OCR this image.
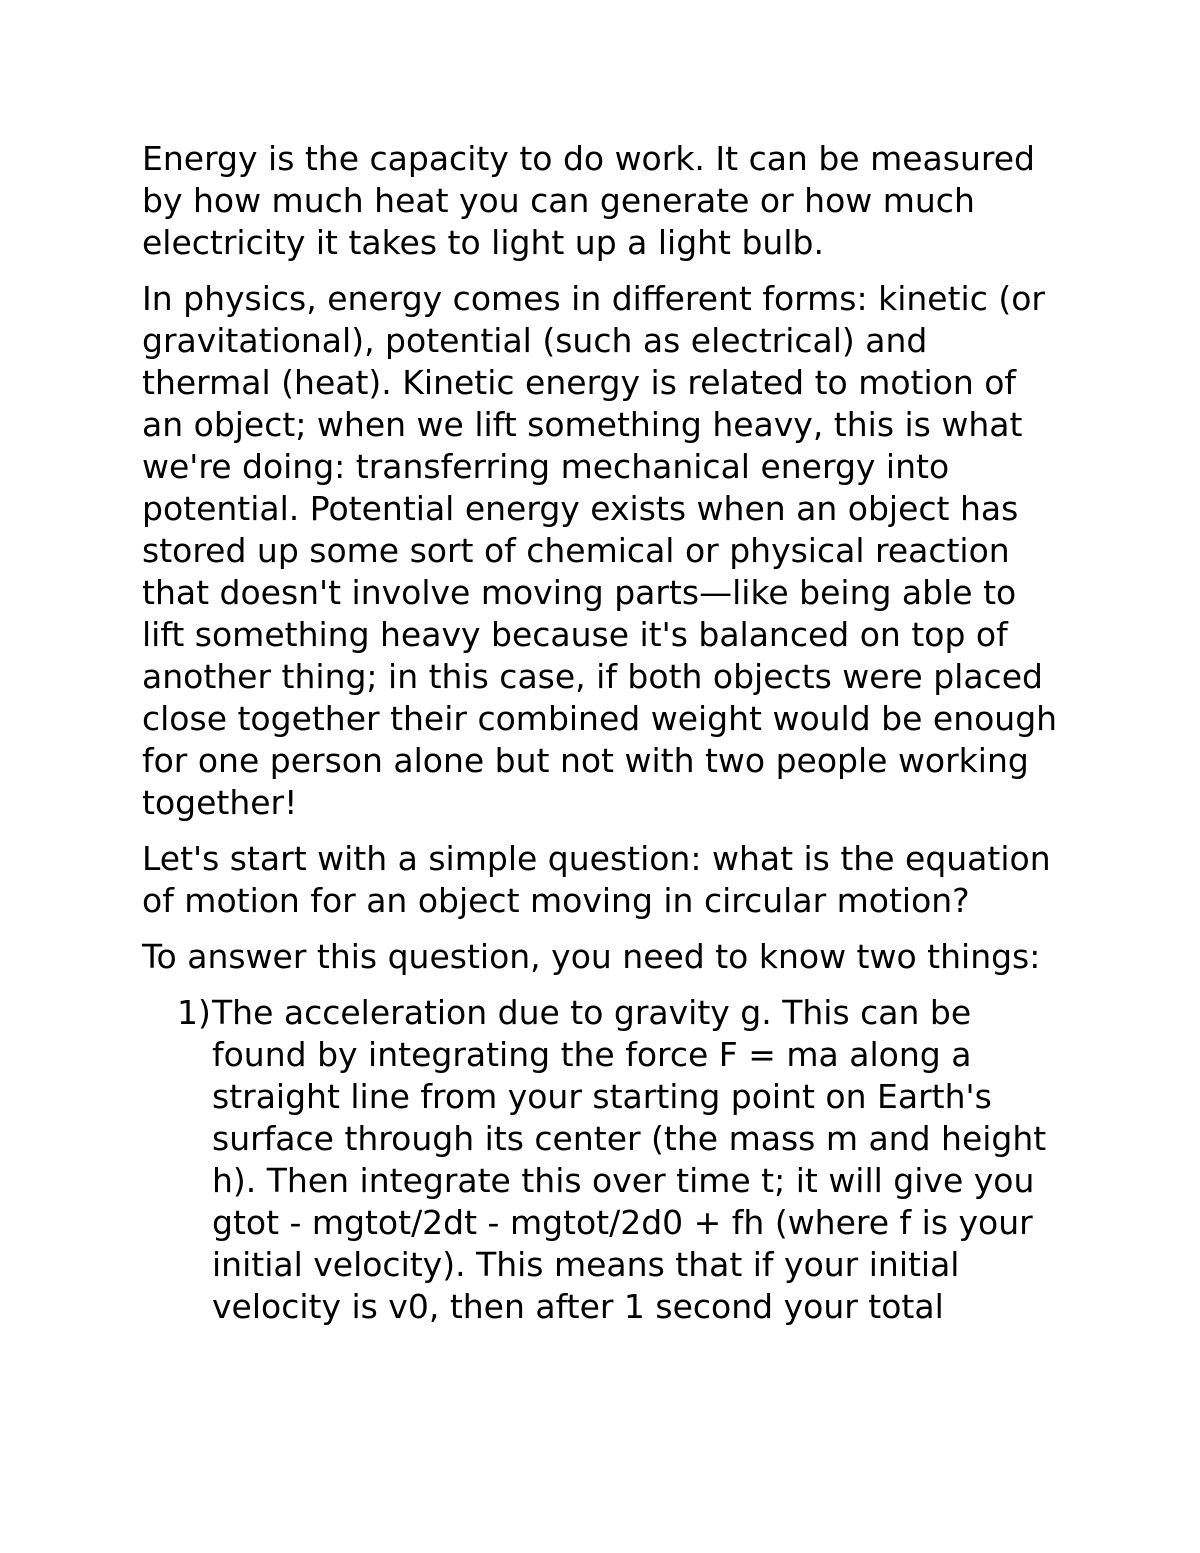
Energy is the capacity to do work. It can be measured by how much heat you can generate or how much electricity it takes to light up a light bulb.

In physics, energy comes in different forms: kinetic (or gravitational), potential (such as electrical) and thermal (heat). Kinetic energy is related to motion of an object; when we lift something heavy, this is what we're doing: transferring mechanical energy into potential. Potential energy exists when an object has stored up some sort of chemical or physical reaction that doesn't involve moving parts—like being able to lift something heavy because it's balanced on top of another thing; in this case, if both objects were placed close together their combined weight would be enough for one person alone but not with two people working together!

Let's start with a simple question: what is the equation of motion for an object moving in circular motion?

To answer this question, you need to know two things:

1) The acceleration due to gravity g. This can be found by integrating the force F = ma along a straight line from your starting point on Earth's surface through its center (the mass m and height h). Then integrate this over time t; it will give you gtot - mgtot/2dt - mgtot/2d0 + fh (where f is your initial velocity). This means that if your initial velocity is v0, then after 1 second your total
